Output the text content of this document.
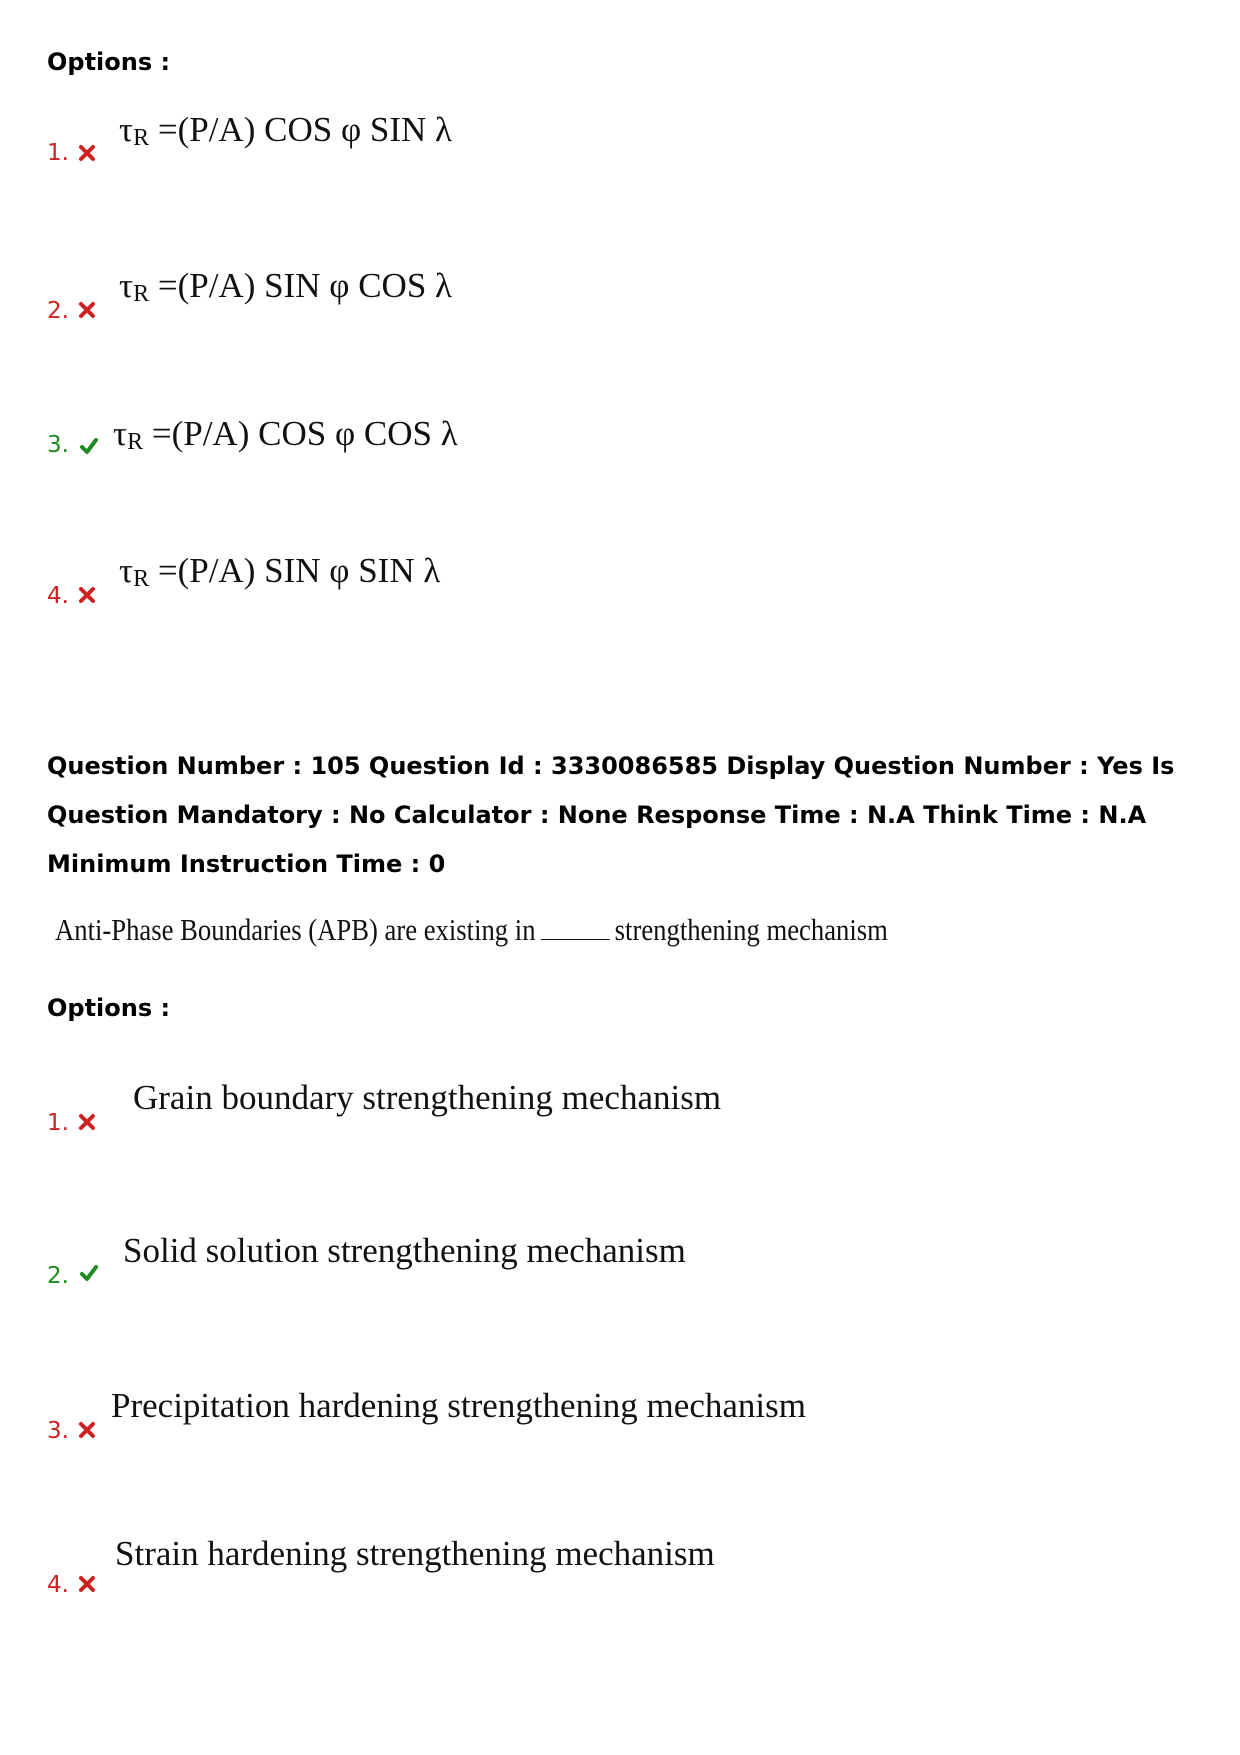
Options :
1.
τR =(P/A) COS φ SIN λ
2.
τR =(P/A) SIN φ COS λ
3. τR =(P/A) COS φ COS λ
4.
τR =(P/A) SIN φ SIN λ
Question Number : 105 Question Id : 3330086585 Display Question Number : Yes Is Question Mandatory : No Calculator : None Response Time : N.A Think Time : N.A Minimum Instruction Time : 0
Anti-Phase Boundaries (APB) are existing in	strengthening mechanism
Options :
1.
Grain boundary strengthening mechanism
2.
Solid solution strengthening mechanism
3.
Precipitation hardening strengthening mechanism
4.
Strain hardening strengthening mechanism
